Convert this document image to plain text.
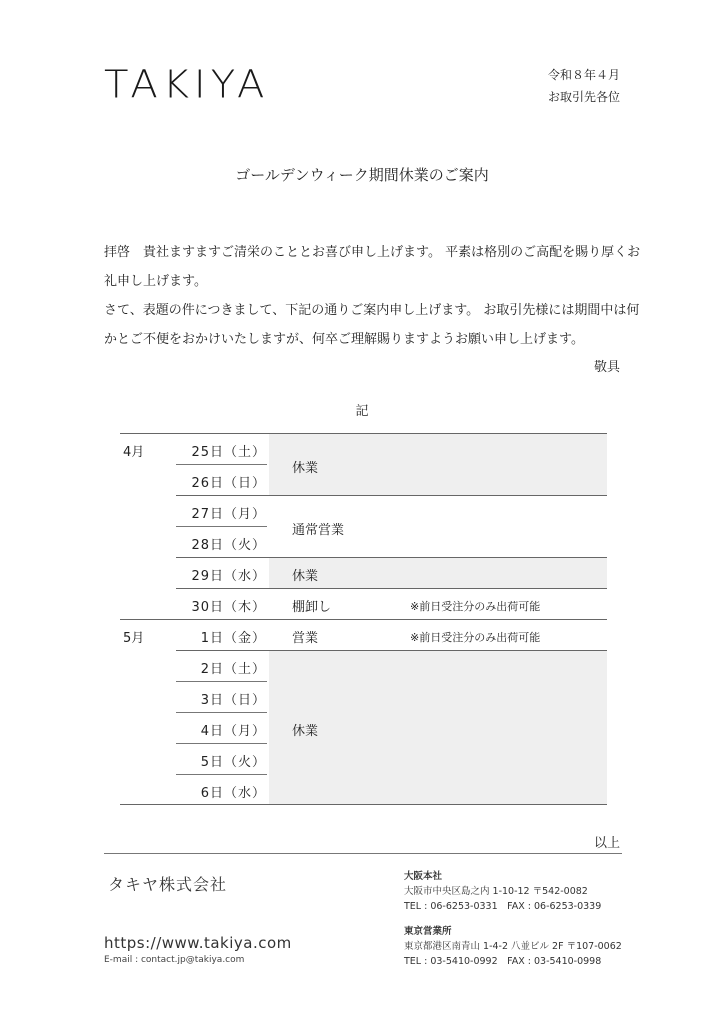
TAKIYA	令和８年４月
お取引先各位
ゴールデンウィーク期間休業のご案内
拝啓　貴社ますますご清栄のこととお喜び申し上げます。 平素は格別のご高配を賜り厚くお
礼申し上げます。
さて、表題の件につきまして、下記の通りご案内申し上げます。 お取引先様には期間中は何
かとご不便をおかけいたしますが、何卒ご理解賜りますようお願い申し上げます。
敬具
記
4月
5月
25日（土）
26日（日）
27日（月）
28日（火）
29日（水）
30日（木）
1日（金）
2日（土）
3日（日）
4日（月）
5日（火）
6日（水）
休業
通常営業
休業
棚卸し
営業
休業
※前日受注分のみ出荷可能
※前日受注分のみ出荷可能
以上
タキヤ株式会社
https://www.takiya.com
E-mail : contact.jp@takiya.com
大阪本社
大阪市中央区島之内 1-10-12 〒542-0082
TEL : 06-6253-0331　FAX : 06-6253-0339
東京営業所
東京都港区南青山 1-4-2 八並ビル 2F 〒107-0062
TEL : 03-5410-0992　FAX : 03-5410-0998
